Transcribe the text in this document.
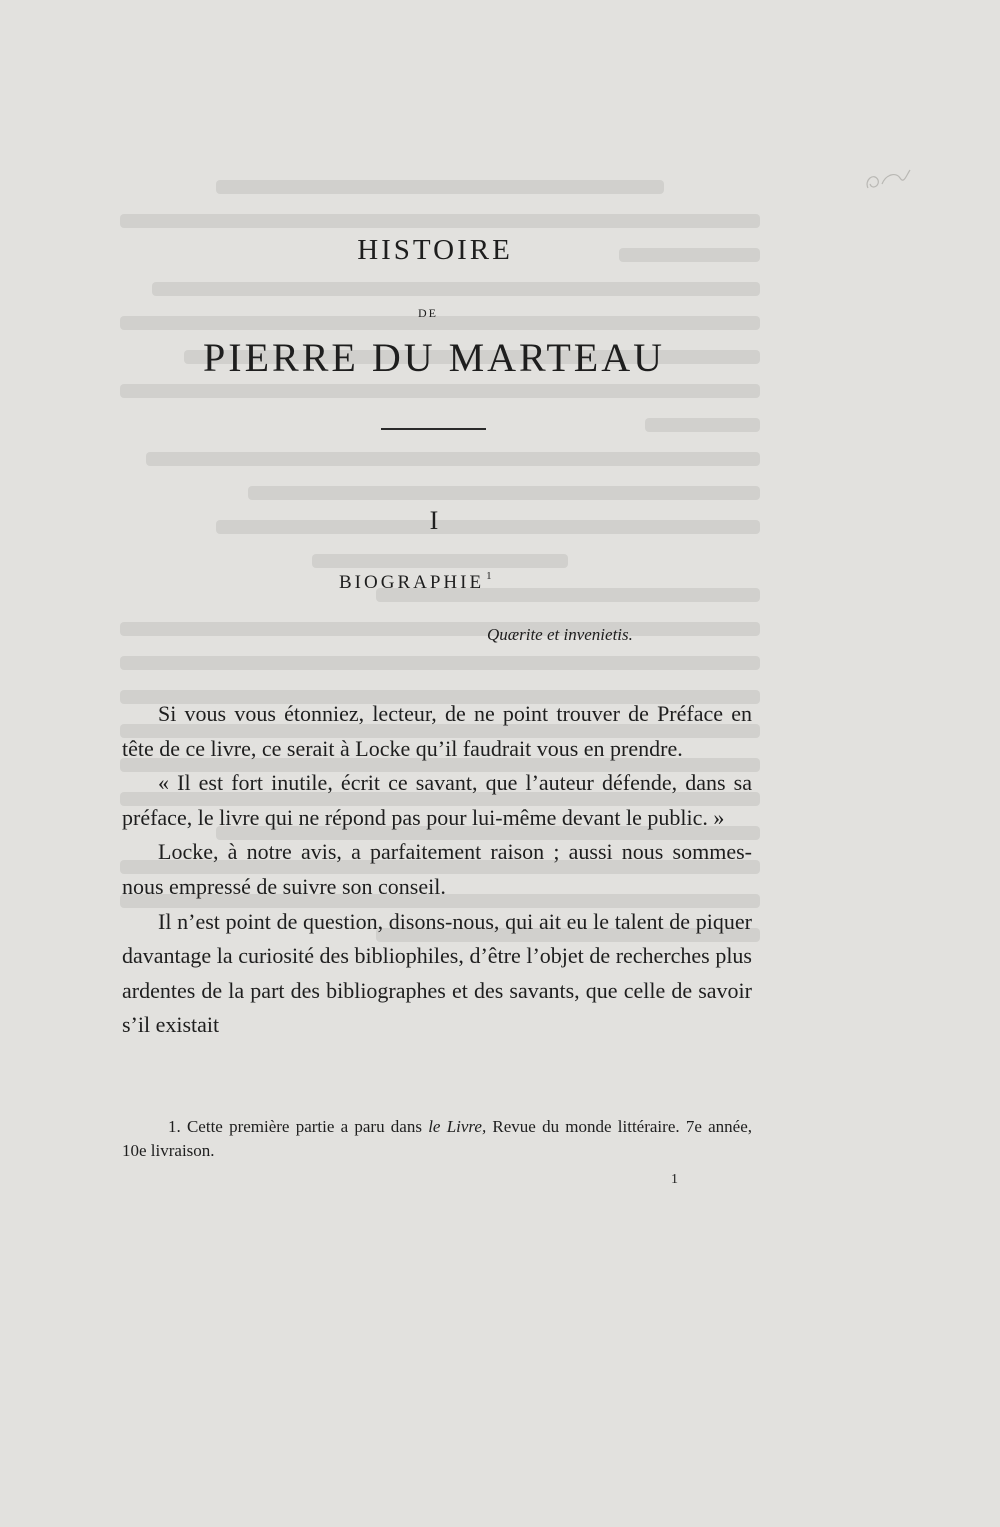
HISTOIRE
DE
PIERRE DU MARTEAU
I
BIOGRAPHIE $^1$
Quærite et invenietis.

Si vous vous étonniez, lecteur, de ne point trouver de Préface en tête de ce livre, ce serait à Locke qu’il faudrait vous en prendre.

« Il est fort inutile, écrit ce savant, que l’auteur défende, dans sa préface, le livre qui ne répond pas pour lui-même devant le public. »

Locke, à notre avis, a parfaitement raison ; aussi nous sommes-nous empressé de suivre son conseil.

Il n’est point de question, disons-nous, qui ait eu le talent de piquer davantage la curiosité des bibliophiles, d’être l’objet de recherches plus ardentes de la part des bibliographes et des savants, que celle de savoir s’il existait

1. Cette première partie a paru dans le Livre, Revue du monde littéraire. 7e année, 10e livraison.

1
